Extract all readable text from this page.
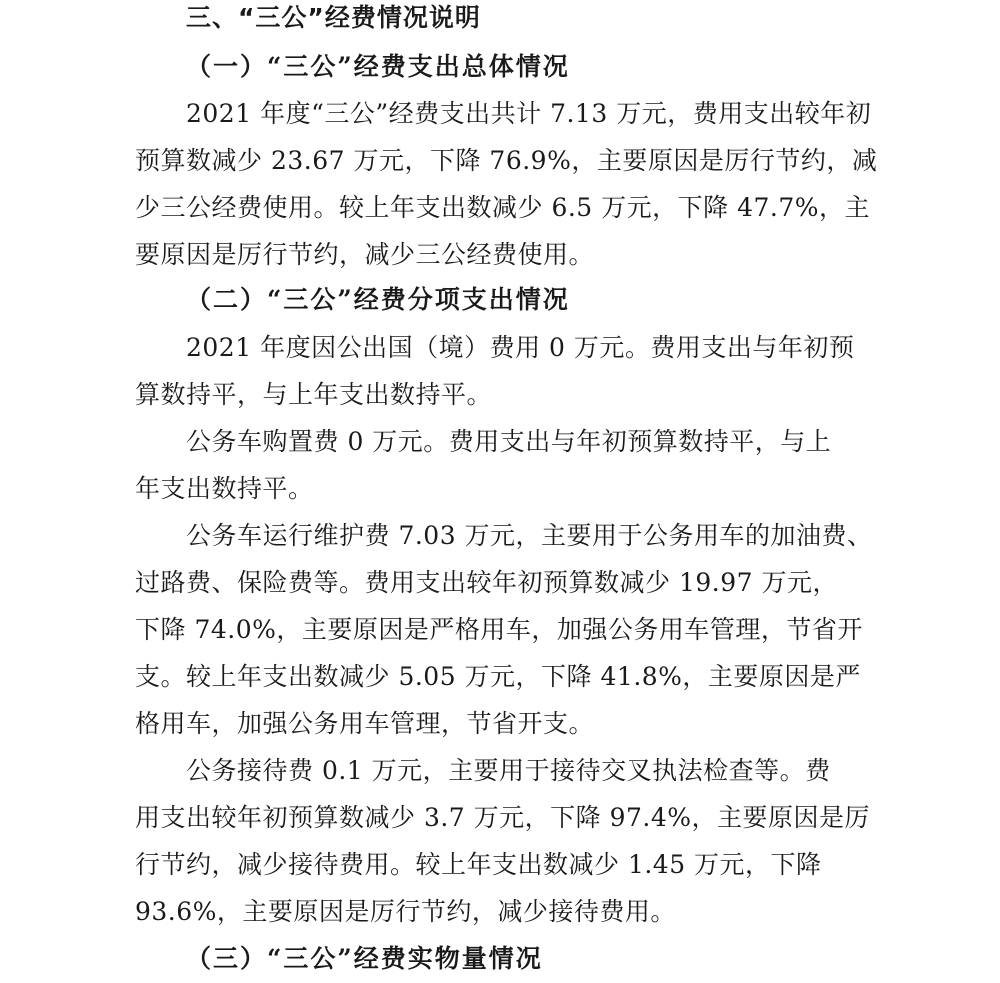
三、“三公”经费情况说明
（一）“三公”经费支出总体情况
2021 年度“三公”经费支出共计 7.13 万元，费用支出较年初
预算数减少 23.67 万元，下降 76.9%，主要原因是厉行节约，减
少三公经费使用。较上年支出数减少 6.5 万元，下降 47.7%，主
要原因是厉行节约，减少三公经费使用。
（二）“三公”经费分项支出情况
2021 年度因公出国（境）费用 0 万元。费用支出与年初预
算数持平，与上年支出数持平。
公务车购置费 0 万元。费用支出与年初预算数持平，与上
年支出数持平。
公务车运行维护费 7.03 万元，主要用于公务用车的加油费、
过路费、保险费等。费用支出较年初预算数减少 19.97 万元，
下降 74.0%，主要原因是严格用车，加强公务用车管理，节省开
支。较上年支出数减少 5.05 万元，下降 41.8%，主要原因是严
格用车，加强公务用车管理，节省开支。
公务接待费 0.1 万元，主要用于接待交叉执法检查等。费
用支出较年初预算数减少 3.7 万元，下降 97.4%，主要原因是厉
行节约，减少接待费用。较上年支出数减少 1.45 万元，下降
93.6%，主要原因是厉行节约，减少接待费用。
（三）“三公”经费实物量情况
